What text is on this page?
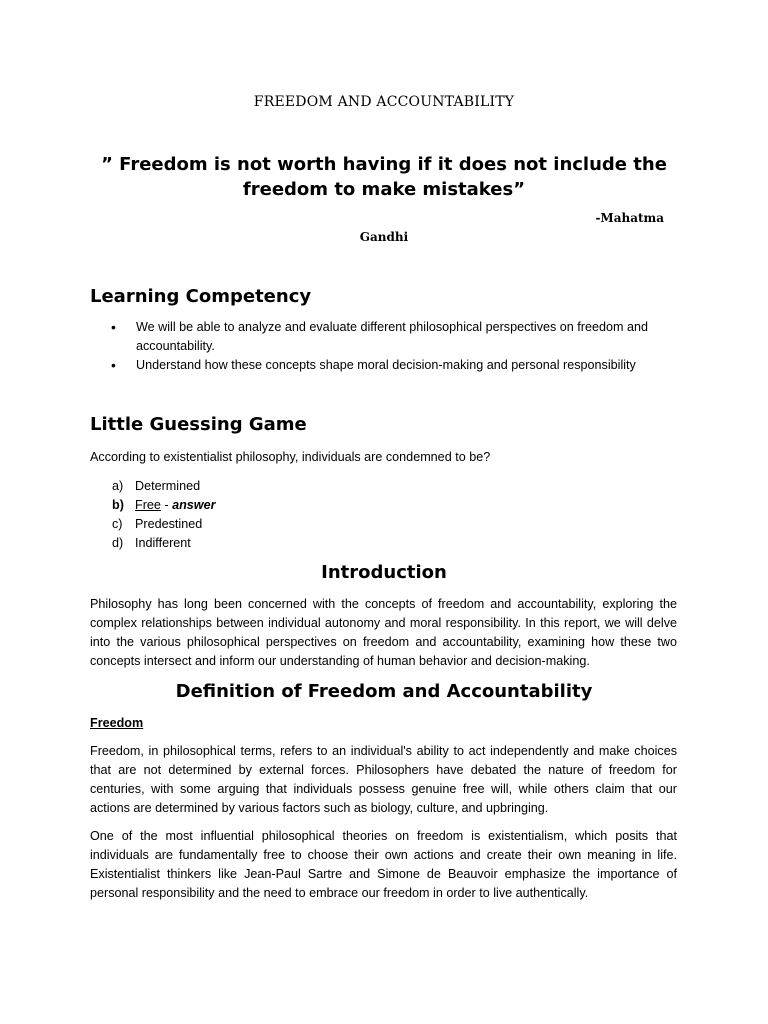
FREEDOM AND ACCOUNTABILITY
” Freedom is not worth having if it does not include the freedom to make mistakes”
-Mahatma
Gandhi
Learning Competency
• We will be able to analyze and evaluate different philosophical perspectives on freedom and accountability.
• Understand how these concepts shape moral decision-making and personal responsibility
Little Guessing Game

According to existentialist philosophy, individuals are condemned to be?

a) Determined
b) Free - answer
c) Predestined
d) Indifferent
Introduction

Philosophy has long been concerned with the concepts of freedom and accountability, exploring the complex relationships between individual autonomy and moral responsibility. In this report, we will delve into the various philosophical perspectives on freedom and accountability, examining how these two concepts intersect and inform our understanding of human behavior and decision-making.

Definition of Freedom and Accountability
Freedom

Freedom, in philosophical terms, refers to an individual's ability to act independently and make choices that are not determined by external forces. Philosophers have debated the nature of freedom for centuries, with some arguing that individuals possess genuine free will, while others claim that our actions are determined by various factors such as biology, culture, and upbringing.

One of the most influential philosophical theories on freedom is existentialism, which posits that individuals are fundamentally free to choose their own actions and create their own meaning in life. Existentialist thinkers like Jean-Paul Sartre and Simone de Beauvoir emphasize the importance of personal responsibility and the need to embrace our freedom in order to live authentically.
